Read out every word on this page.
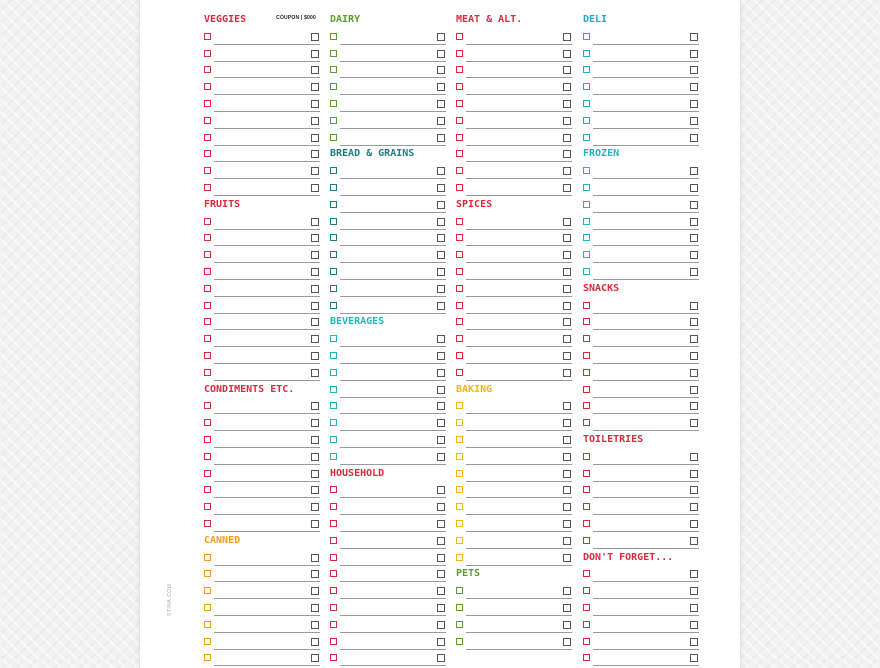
VEGGIES	COUPON | $000
FRUITS
CONDIMENTS ETC.
CANNED
DAIRY
BREAD & GRAINS
BEVERAGES
HOUSEHOLD
MEAT & ALT.
SPICES
BAKING
PETS
DELI
FROZEN
SNACKS
TOILETRIES
DON'T FORGET...
STINA.COM
